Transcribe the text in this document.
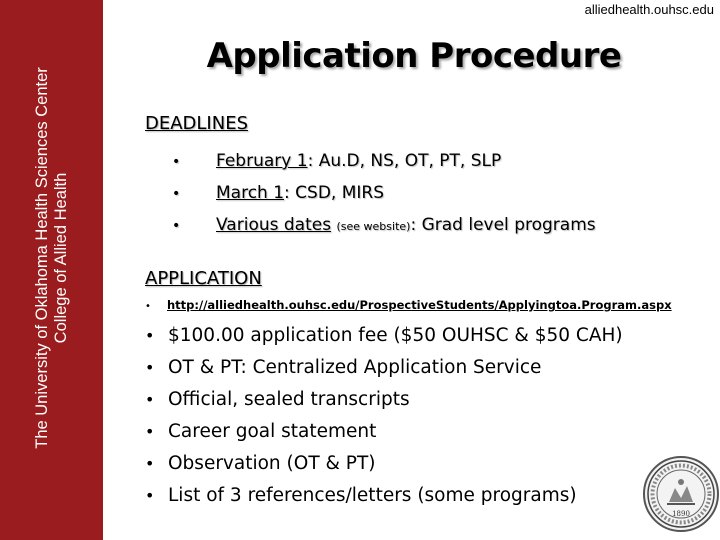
The University of Oklahoma Health Sciences Center College of Allied Health
alliedhealth.ouhsc.edu
Application Procedure
DEADLINES
• February 1: Au.D, NS, OT, PT, SLP
• March 1: CSD, MIRS
• Various dates (see website): Grad level programs
APPLICATION
• http://alliedhealth.ouhsc.edu/ProspectiveStudents/Applyingtoa.Program.aspx
• $100.00 application fee ($50 OUHSC & $50 CAH)
• OT & PT: Centralized Application Service
• Official, sealed transcripts
• Career goal statement
• Observation (OT & PT)
• List of 3 references/letters (some programs)
1890
